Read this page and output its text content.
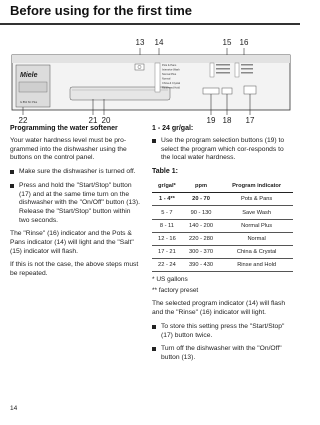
Before using for the first time
13 14	15 16
Miele
G 862 SC Plus
Pots & Pans
Intensive Wash
Normal Plus
Normal
China & Crystal
Rinse and Hold
22	21 20	19 18 17
Programming the water softener
Your water hardness level must be pro-grammed into the dishwasher using the buttons on the control panel.
Make sure the dishwasher is turned off.
Press and hold the "Start/Stop" button (17) and at the same time turn on the dishwasher with the "On/Off" button (13). Release the "Start/Stop" button within two seconds.
The "Rinse" (16) indicator and the Pots & Pans indicator (14) will light and the "Salt" (15) indicator will flash.
If this is not the case, the above steps must be repeated.
1 - 24 gr/gal:
Use the program selection buttons (19) to select the program which cor-responds to the local water hardness.
Table 1:
gr/gal*	ppm	Program indicator
1 - 4**	20 - 70	Pots & Pans
5 - 7	90 - 130	Save Wash
8 - 11	140 - 200	Normal Plus
12 - 16	220 - 280	Normal
17 - 21	300 - 370	China & Crystal
22 - 24	390 - 430	Rinse and Hold
* US gallons
** factory preset
The selected program indicator (14) will flash and the "Rinse" (16) indicator will light.
To store this setting press the "Start/Stop" (17) button twice.
Turn off the dishwasher with the "On/Off" button (13).
14
